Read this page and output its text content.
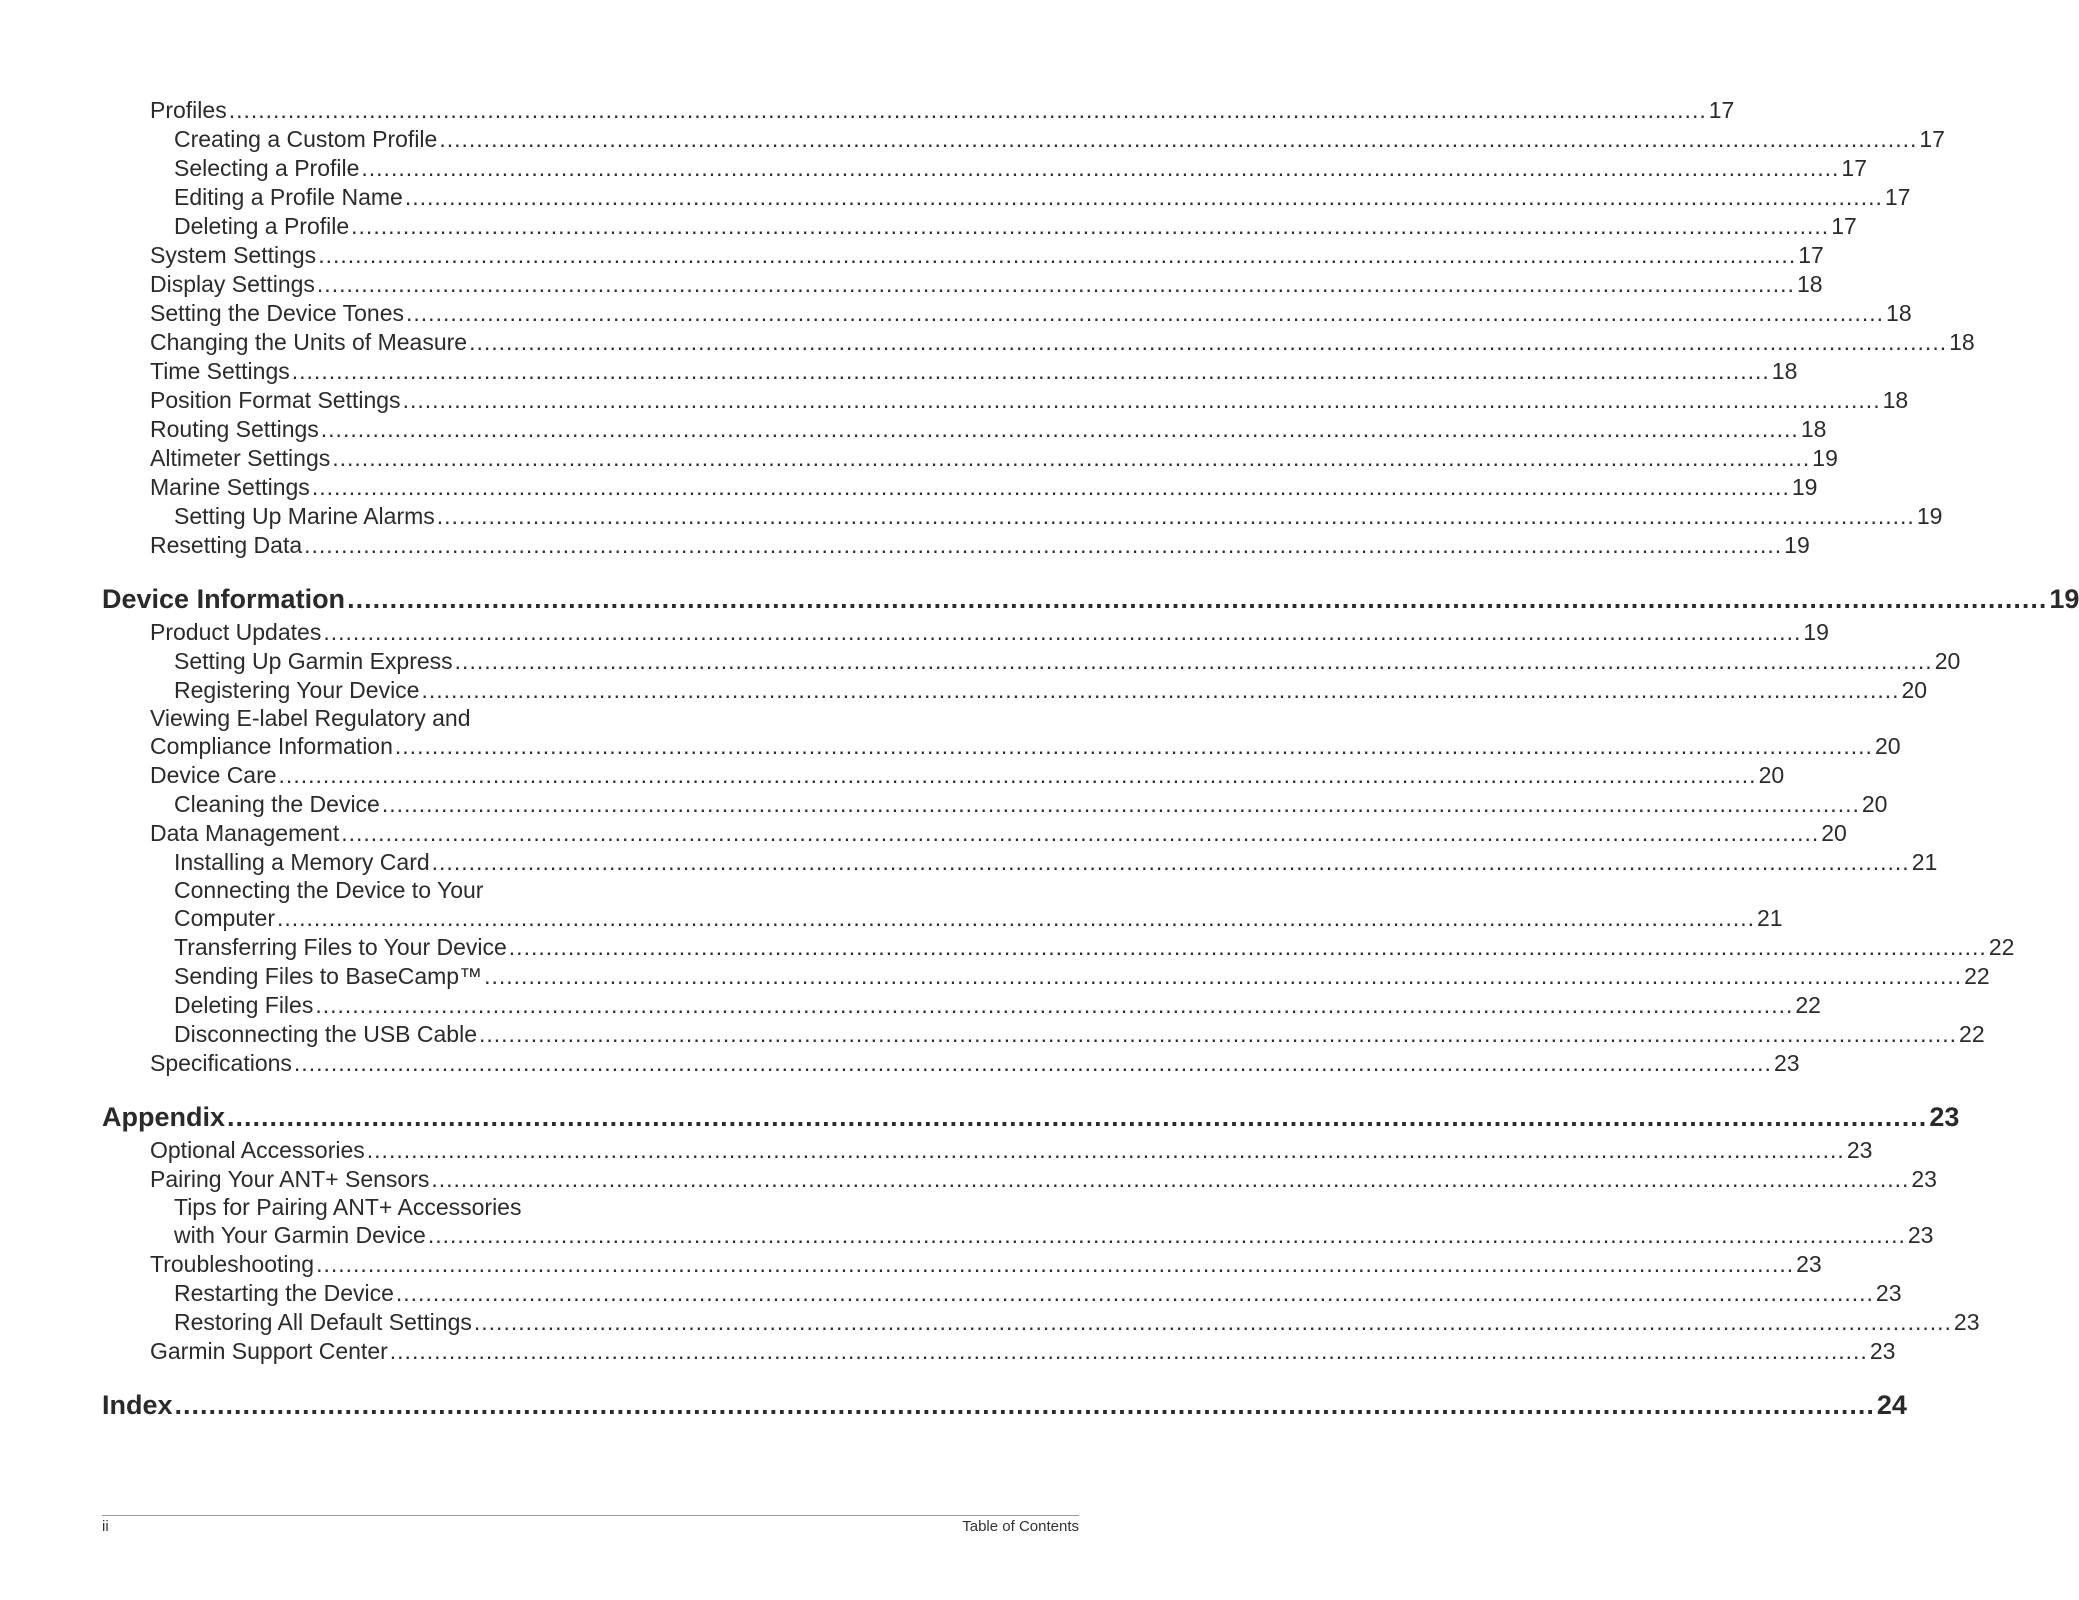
Profiles ........................................................................................................................................................................................................ 17
Creating a Custom Profile ........................................................................................................................................................................................................ 17
Selecting a Profile ........................................................................................................................................................................................................ 17
Editing a Profile Name ........................................................................................................................................................................................................ 17
Deleting a Profile ........................................................................................................................................................................................................ 17
System Settings ........................................................................................................................................................................................................ 17
Display Settings ........................................................................................................................................................................................................ 18
Setting the Device Tones ........................................................................................................................................................................................................ 18
Changing the Units of Measure ........................................................................................................................................................................................................ 18
Time Settings ........................................................................................................................................................................................................ 18
Position Format Settings ........................................................................................................................................................................................................ 18
Routing Settings ........................................................................................................................................................................................................ 18
Altimeter Settings ........................................................................................................................................................................................................ 19
Marine Settings ........................................................................................................................................................................................................ 19
Setting Up Marine Alarms ........................................................................................................................................................................................................ 19
Resetting Data ........................................................................................................................................................................................................ 19
Device Information ........................................................................................................................................................................................................ 19
Product Updates ........................................................................................................................................................................................................ 19
Setting Up Garmin Express ........................................................................................................................................................................................................ 20
Registering Your Device ........................................................................................................................................................................................................ 20
Viewing E-label Regulatory and
Compliance Information ........................................................................................................................................................................................................ 20
Device Care ........................................................................................................................................................................................................ 20
Cleaning the Device ........................................................................................................................................................................................................ 20
Data Management ........................................................................................................................................................................................................ 20
Installing a Memory Card ........................................................................................................................................................................................................ 21
Connecting the Device to Your
Computer ........................................................................................................................................................................................................ 21
Transferring Files to Your Device ........................................................................................................................................................................................................ 22
Sending Files to BaseCamp™ ........................................................................................................................................................................................................ 22
Deleting Files ........................................................................................................................................................................................................ 22
Disconnecting the USB Cable ........................................................................................................................................................................................................ 22
Specifications ........................................................................................................................................................................................................ 23
Appendix ........................................................................................................................................................................................................ 23
Optional Accessories ........................................................................................................................................................................................................ 23
Pairing Your ANT+ Sensors ........................................................................................................................................................................................................ 23
Tips for Pairing ANT+ Accessories
with Your Garmin Device ........................................................................................................................................................................................................ 23
Troubleshooting ........................................................................................................................................................................................................ 23
Restarting the Device ........................................................................................................................................................................................................ 23
Restoring All Default Settings ........................................................................................................................................................................................................ 23
Garmin Support Center ........................................................................................................................................................................................................ 23
Index ........................................................................................................................................................................................................ 24
ii	Table of Contents
